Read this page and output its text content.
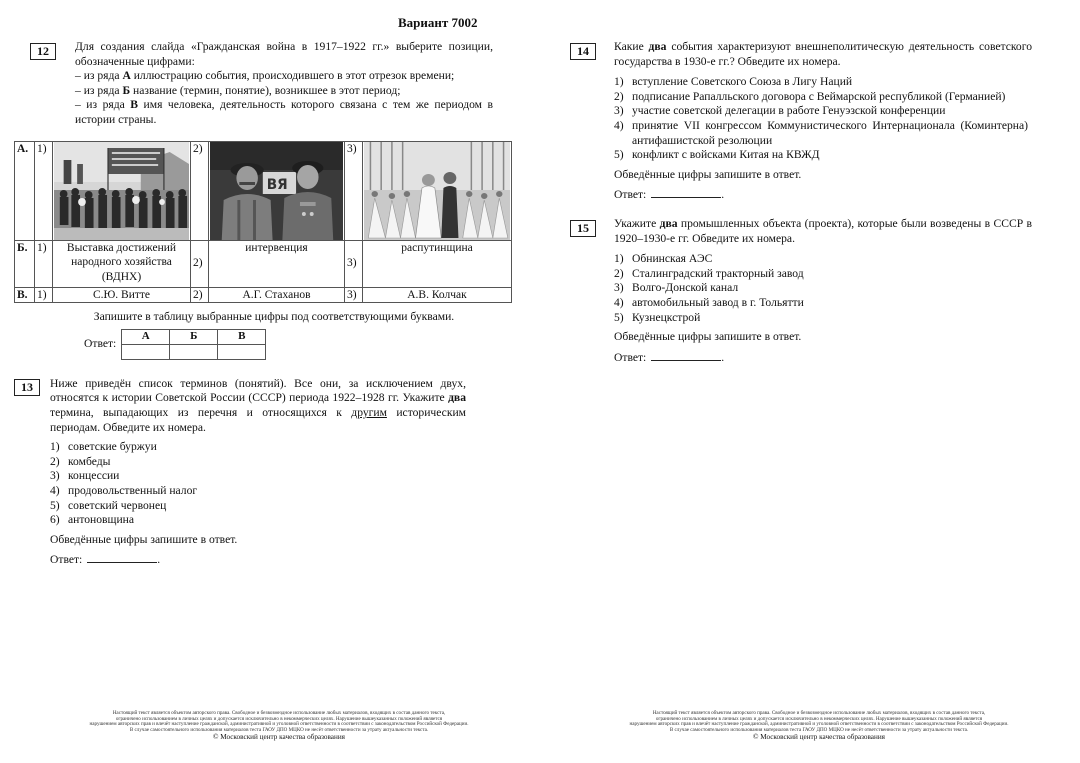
Вариант 7002
12	Для создания слайда «Гражданская война в 1917–1922 гг.» выберите позиции, обозначенные цифрами:
– из ряда А иллюстрацию события, происходившего в этот отрезок времени;
– из ряда Б название (термин, понятие), возникшее в этот период;
– из ряда В имя человека, деятельность которого связана с тем же периодом в истории страны.
А.	1)		2)	ВЯ	3)	

Б.	1)	Выставка достижений народного хозяйства (ВДНХ)	2)	интервенция	3)	распутинщина
В.	1)	С.Ю. Витте	2)	А.Г. Стаханов	3)	А.В. Колчак
Запишите в таблицу выбранные цифры под соответствующими буквами.
Ответ:
А	Б	В

13	Ниже приведён список терминов (понятий). Все они, за исключением двух, относятся к истории Советской России (СССР) периода 1922–1928 гг. Укажите два термина, выпадающих из перечня и относящихся к другим историческим периодам. Обведите их номера.
1) советские буржуи
2) комбеды
3) концессии
4) продовольственный налог
5) советский червонец
6) антоновщина
Обведённые цифры запишите в ответ.
Ответ:	.
14	Какие два события характеризуют внешнеполитическую деятельность советского государства в 1930-е гг.? Обведите их номера.
1) вступление Советского Союза в Лигу Наций
2) подписание Рапалльского договора с Веймарской республикой (Германией)
3) участие советской делегации в работе Генуэзской конференции
4) принятие VII конгрессом Коммунистического Интернационала (Коминтерна) антифашистской резолюции
5) конфликт с войсками Китая на КВЖД
Обведённые цифры запишите в ответ.
Ответ:	.
15	Укажите два промышленных объекта (проекта), которые были возведены в СССР в 1920–1930-е гг. Обведите их номера.
1) Обнинская АЭС
2) Сталинградский тракторный завод
3) Волго-Донской канал
4) автомобильный завод в г. Тольятти
5) Кузнецкстрой
Обведённые цифры запишите в ответ.
Ответ:	.
Настоящий текст является объектом авторского права. Свободное и безвозмездное использование любых материалов, входящих в состав данного текста,
ограничено использованием в личных целях и допускается исключительно в некоммерческих целях. Нарушение вышеуказанных положений является
нарушением авторских прав и влечёт наступление гражданской, административной и уголовной ответственности в соответствии с законодательством Российской Федерации.
В случае самостоятельного использования материалов теста ГАОУ ДПО МЦКО не несёт ответственности за утрату актуальности текста.
© Московский центр качества образования
Настоящий текст является объектом авторского права. Свободное и безвозмездное использование любых материалов, входящих в состав данного текста,
ограничено использованием в личных целях и допускается исключительно в некоммерческих целях. Нарушение вышеуказанных положений является
нарушением авторских прав и влечёт наступление гражданской, административной и уголовной ответственности в соответствии с законодательством Российской Федерации.
В случае самостоятельного использования материалов теста ГАОУ ДПО МЦКО не несёт ответственности за утрату актуальности текста.
© Московский центр качества образования
